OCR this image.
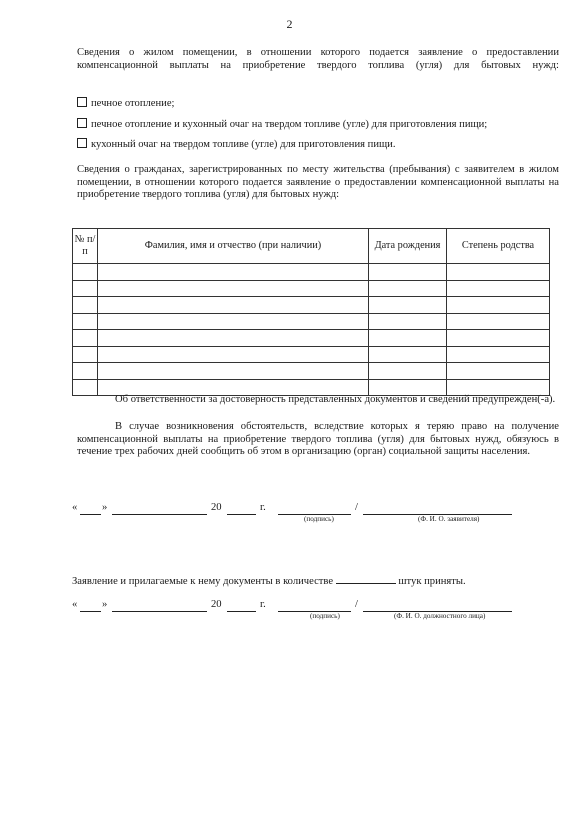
2
Сведения о жилом помещении, в отношении которого подается заявление о предоставлении компенсационной выплаты на приобретение твердого топлива (угля) для бытовых нужд:
печное отопление;
печное отопление и кухонный очаг на твердом топливе (угле) для приготовления пищи;
кухонный очаг на твердом топливе (угле) для приготовления пищи.
Сведения о гражданах, зарегистрированных по месту жительства (пребывания) с заявителем в жилом помещении, в отношении которого подается заявление о предоставлении компенсационной выплаты на приобретение твердого топлива (угля) для бытовых нужд:
№ п/п	Фамилия, имя и отчество (при наличии)	Дата рождения	Степень родства

Об ответственности за достоверность представленных документов и сведений предупрежден(-а).
В случае возникновения обстоятельств, вследствие которых я теряю право на получение компенсационной выплаты на приобретение твердого топлива (угля) для бытовых нужд, обязуюсь в течение трех рабочих дней сообщить об этом в организацию (орган) социальной защиты населения.
« »	20	г.	/
(подпись)	(Ф. И. О. заявителя)
Заявление и прилагаемые к нему документы в количестве	штук приняты.
« »	20	г.	/
(подпись)	(Ф. И. О. должностного лица)
